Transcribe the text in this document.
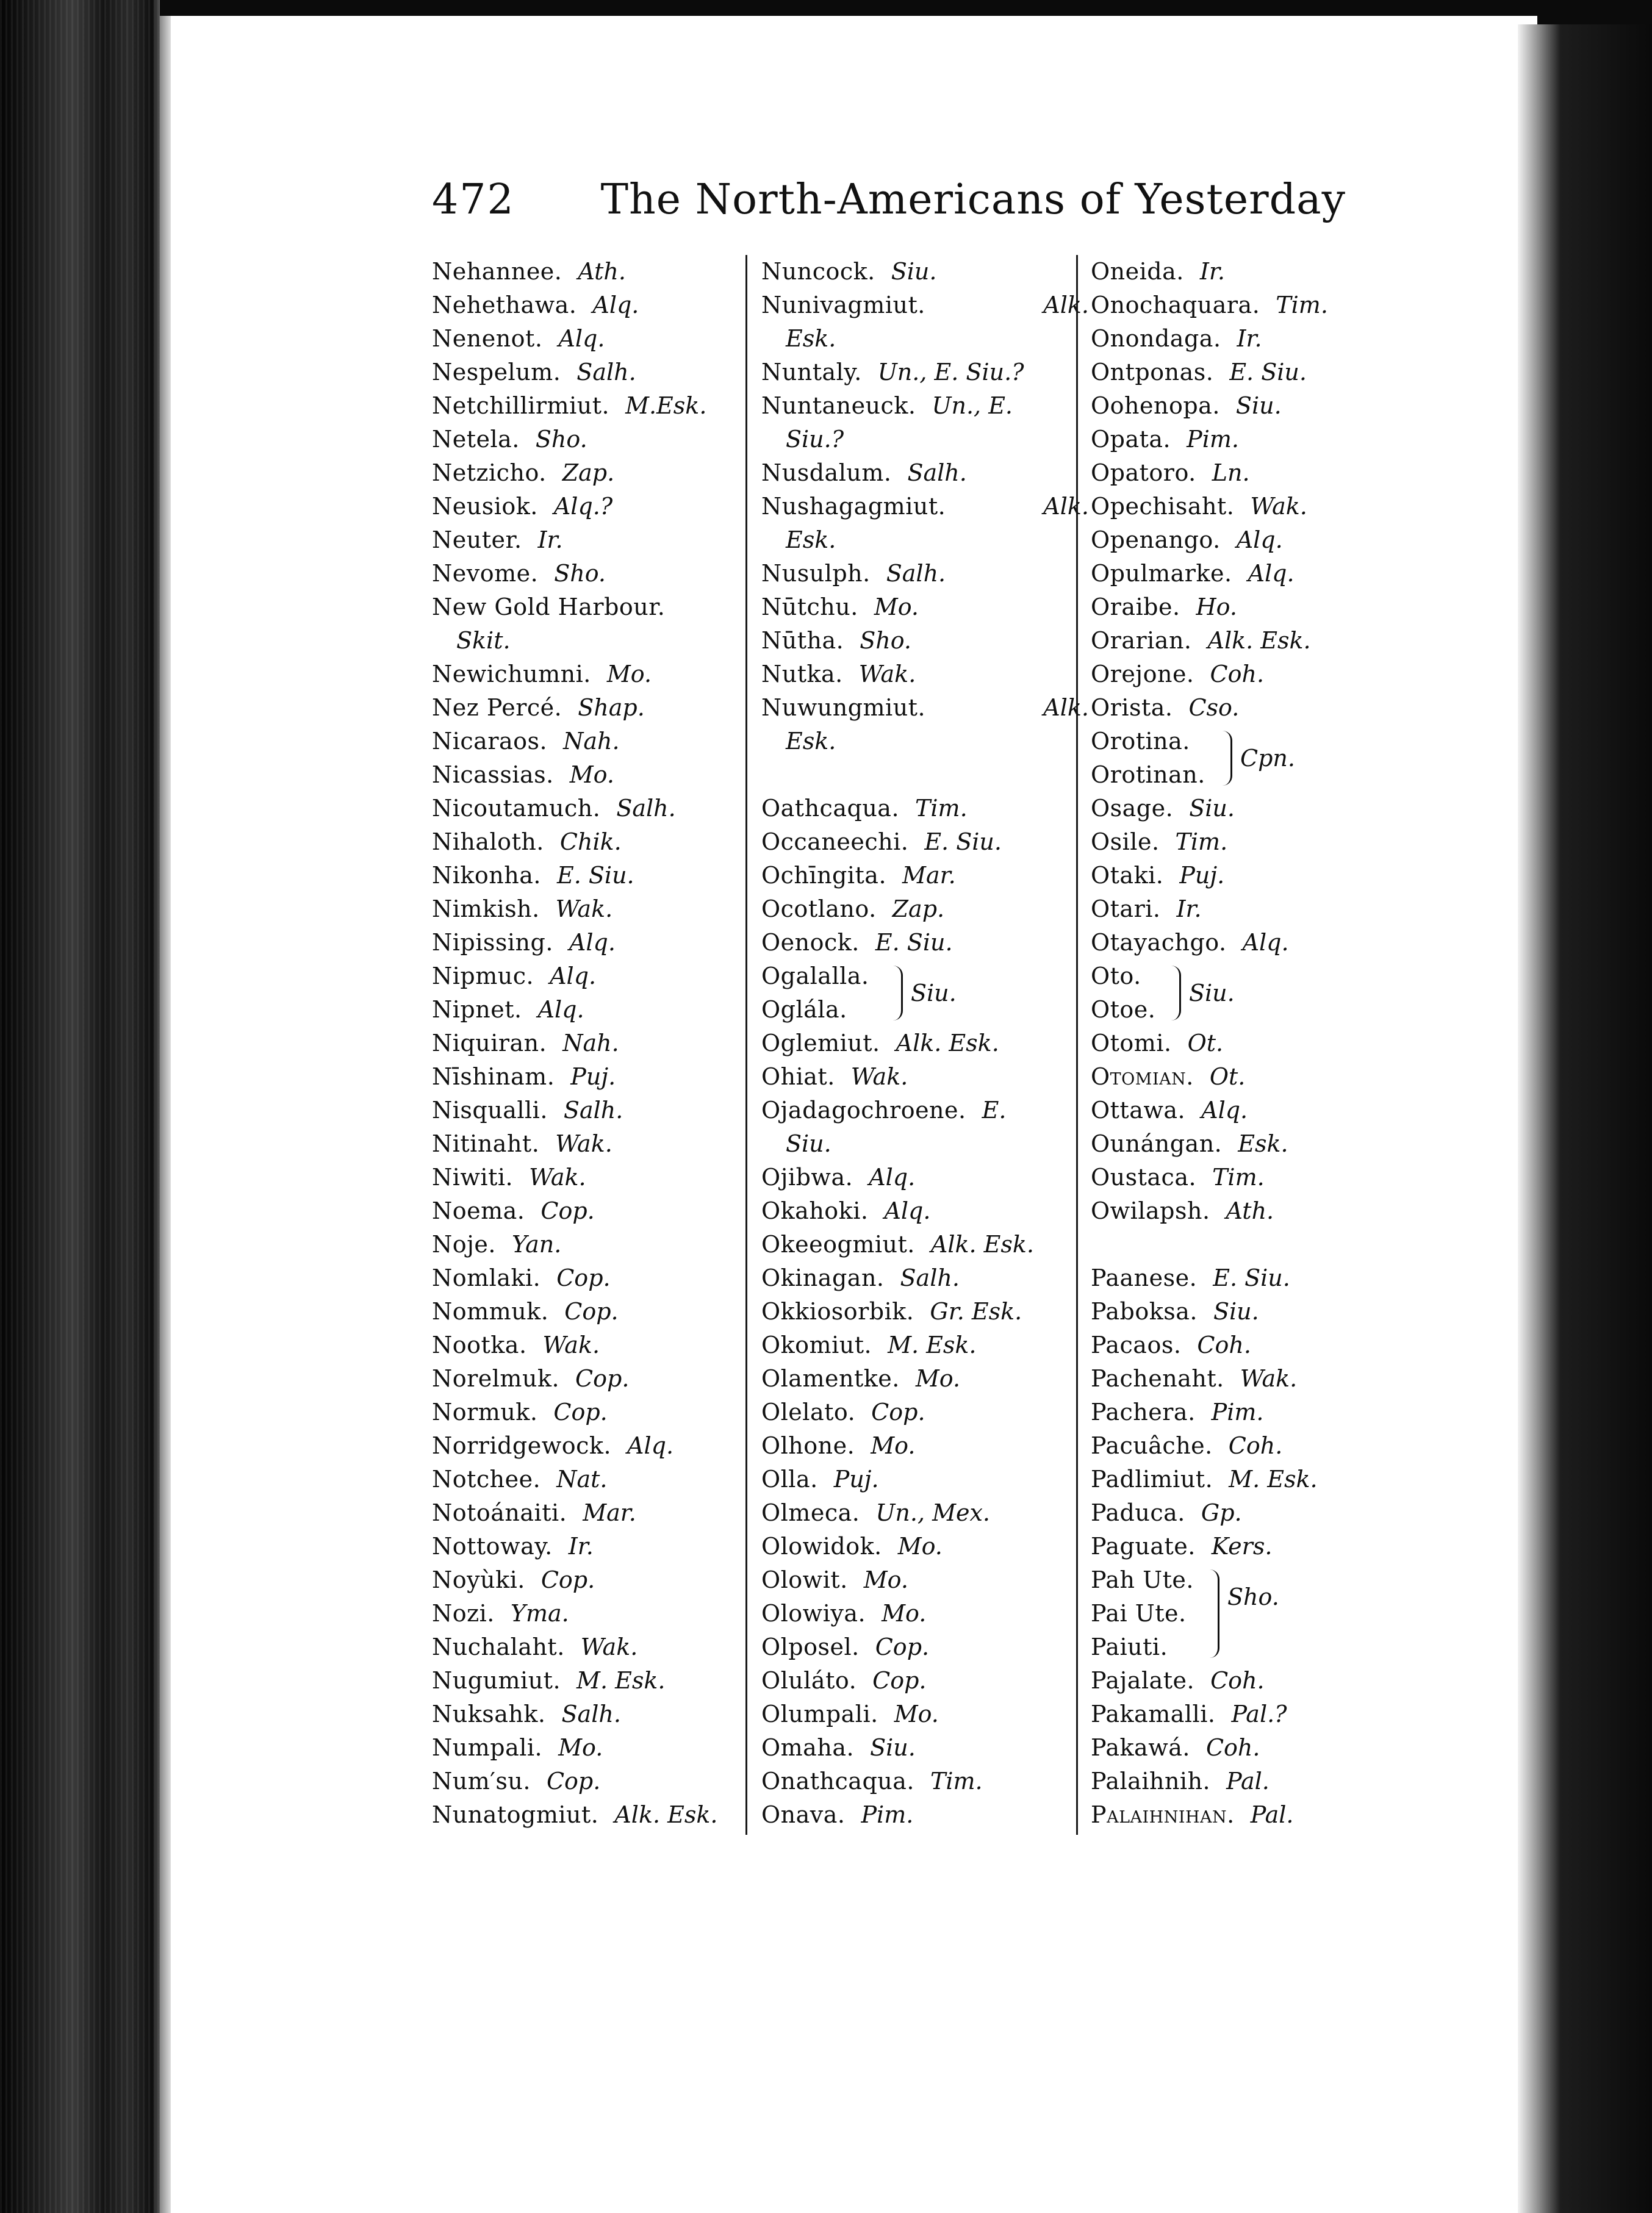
472 The North-Americans of Yesterday
Nehannee. Ath.
Nehethawa. Alq.
Nenenot. Alq.
Nespelum. Salh.
Netchillirmiut. M.Esk.
Netela. Sho.
Netzicho. Zap.
Neusiok. Alq.?
Neuter. Ir.
Nevome. Sho.
New Gold Harbour.
Skit.
Newichumni. Mo.
Nez Percé. Shap.
Nicaraos. Nah.
Nicassias. Mo.
Nicoutamuch. Salh.
Nihaloth. Chik.
Nikonha. E. Siu.
Nimkish. Wak.
Nipissing. Alq.
Nipmuc. Alq.
Nipnet. Alq.
Niquiran. Nah.
Nīshinam. Puj.
Nisqualli. Salh.
Nitinaht. Wak.
Niwiti. Wak.
Noema. Cop.
Noje. Yan.
Nomlaki. Cop.
Nommuk. Cop.
Nootka. Wak.
Norelmuk. Cop.
Normuk. Cop.
Norridgewock. Alq.
Notchee. Nat.
Notoánaiti. Mar.
Nottoway. Ir.
Noyùki. Cop.
Nozi. Yma.
Nuchalaht. Wak.
Nugumiut. M. Esk.
Nuksahk. Salh.
Numpali. Mo.
Num′su. Cop.
Nunatogmiut. Alk. Esk.
Nuncock. Siu.
Nunivagmiut.	Alk.
Esk.
Nuntaly. Un., E. Siu.?
Nuntaneuck. Un., E.
Siu.?
Nusdalum. Salh.
Nushagagmiut.	Alk.
Esk.
Nusulph. Salh.
Nūtchu. Mo.
Nūtha. Sho.
Nutka. Wak.
Nuwungmiut.	Alk.
Esk.
Oathcaqua. Tim.
Occaneechi. E. Siu.
Ochīngita. Mar.
Ocotlano. Zap.
Oenock. E. Siu.
Ogalalla.
Oglála.
Siu.
Oglemiut. Alk. Esk.
Ohiat. Wak.
Ojadagochroene. E.
Siu.
Ojibwa. Alq.
Okahoki. Alq.
Okeeogmiut. Alk. Esk.
Okinagan. Salh.
Okkiosorbik. Gr. Esk.
Okomiut. M. Esk.
Olamentke. Mo.
Olelato. Cop.
Olhone. Mo.
Olla. Puj.
Olmeca. Un., Mex.
Olowidok. Mo.
Olowit. Mo.
Olowiya. Mo.
Olposel. Cop.
Oluláto. Cop.
Olumpali. Mo.
Omaha. Siu.
Onathcaqua. Tim.
Onava. Pim.
Oneida. Ir.
Onochaquara. Tim.
Onondaga. Ir.
Ontponas. E. Siu.
Oohenopa. Siu.
Opata. Pim.
Opatoro. Ln.
Opechisaht. Wak.
Openango. Alq.
Opulmarke. Alq.
Oraibe. Ho.
Orarian. Alk. Esk.
Orejone. Coh.
Orista. Cso.
Orotina.
Orotinan.
Cpn.
Osage. Siu.
Osile. Tim.
Otaki. Puj.
Otari. Ir.
Otayachgo. Alq.
Oto.
Otoe.
Siu.
Otomi. Ot.
Otomian. Ot.
Ottawa. Alq.
Ounángan. Esk.
Oustaca. Tim.
Owilapsh. Ath.
Paanese. E. Siu.
Paboksa. Siu.
Pacaos. Coh.
Pachenaht. Wak.
Pachera. Pim.
Pacuâche. Coh.
Padlimiut. M. Esk.
Paduca. Gp.
Paguate. Kers.
Pah Ute.
Pai Ute.
Paiuti.
Sho.
Pajalate. Coh.
Pakamalli. Pal.?
Pakawá. Coh.
Palaihnih. Pal.
Palaihnihan. Pal.
